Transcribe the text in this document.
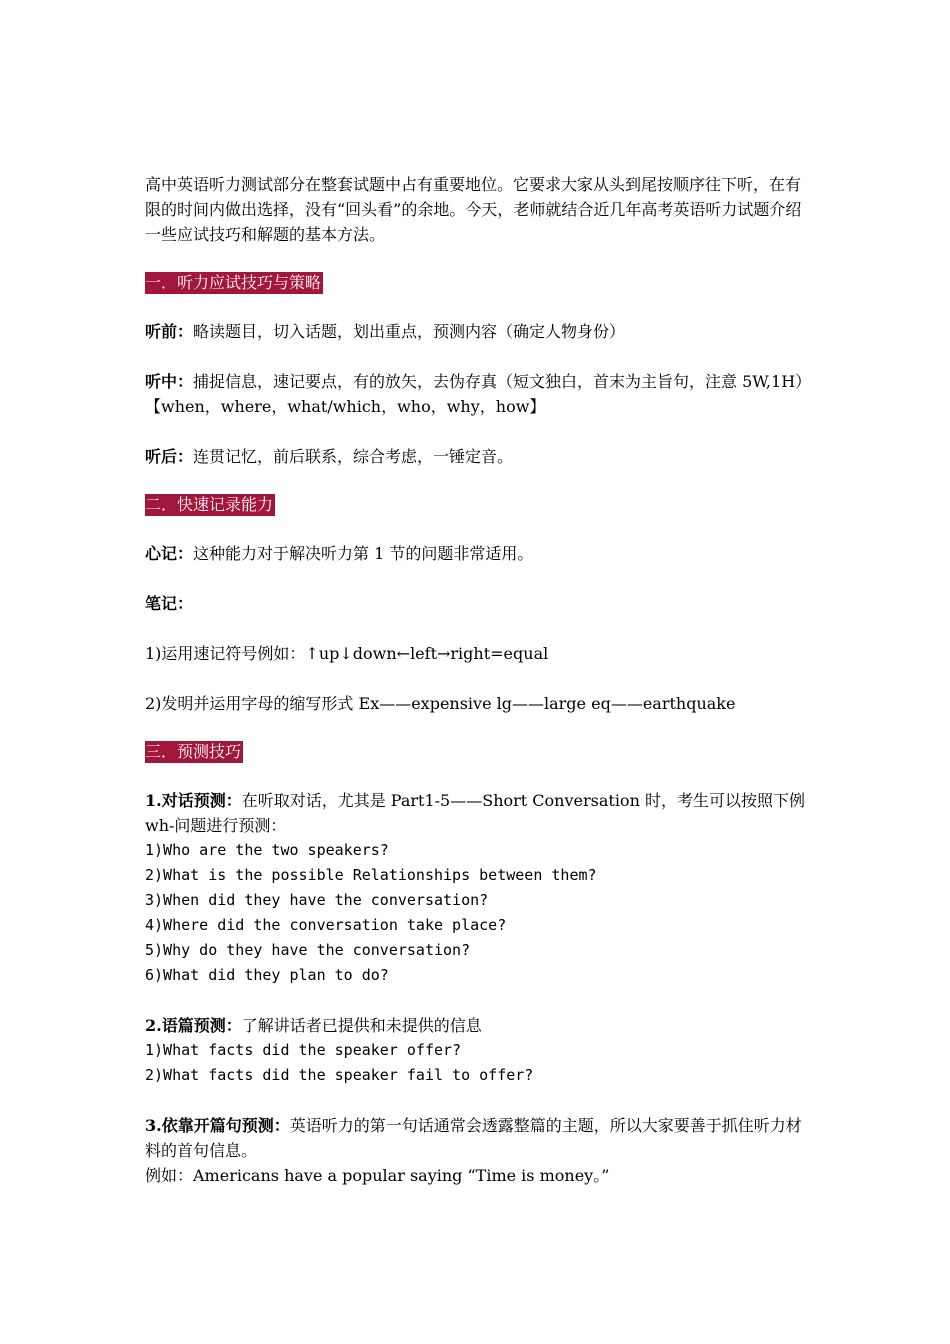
高中英语听力测试部分在整套试题中占有重要地位。它要求大家从头到尾按顺序往下听，在有限的时间内做出选择，没有“回头看”的余地。今天，老师就结合近几年高考英语听力试题介绍一些应试技巧和解题的基本方法。

一．听力应试技巧与策略

听前：略读题目，切入话题，划出重点，预测内容（确定人物身份）

听中：捕捉信息，速记要点，有的放矢，去伪存真（短文独白，首末为主旨句，注意 5W,1H）【when，where，what/which，who，why，how】

听后：连贯记忆，前后联系，综合考虑，一锤定音。

二．快速记录能力

心记：这种能力对于解决听力第 1 节的问题非常适用。

笔记：

1)运用速记符号例如：↑up↓down←left→right=equal

2)发明并运用字母的缩写形式 Ex——expensive lg——large eq——earthquake

三．预测技巧

1.对话预测：在听取对话，尤其是 Part1-5——Short Conversation 时，考生可以按照下例 wh-问题进行预测：

1)Who are the two speakers?

2)What is the possible Relationships between them?

3)When did they have the conversation?

4)Where did the conversation take place?

5)Why do they have the conversation?

6)What did they plan to do?

2.语篇预测：了解讲话者已提供和未提供的信息

1)What facts did the speaker offer?

2)What facts did the speaker fail to offer?

3.依靠开篇句预测：英语听力的第一句话通常会透露整篇的主题，所以大家要善于抓住听力材料的首句信息。

例如：Americans have a popular saying “Time is money。”
